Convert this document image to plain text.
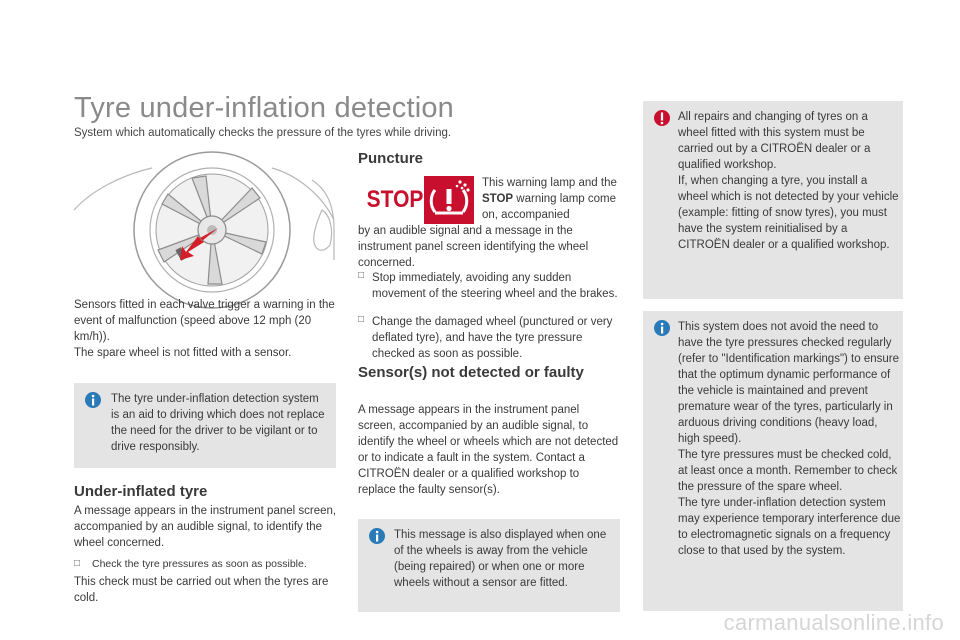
Tyre under-inflation detection
System which automatically checks the pressure of the tyres while driving.
Sensors fitted in each valve trigger a warning in the event of malfunction (speed above 12 mph (20 km/h)).
The spare wheel is not fitted with a sensor.
The tyre under-inflation detection system is an aid to driving which does not replace the need for the driver to be vigilant or to drive responsibly.
Under-inflated tyre
A message appears in the instrument panel screen, accompanied by an audible signal, to identify the wheel concerned.
□	Check the tyre pressures as soon as possible.
This check must be carried out when the tyres are cold.
Puncture
STOP
This warning lamp and the STOP warning lamp come on, accompanied
by an audible signal and a message in the instrument panel screen identifying the wheel concerned.
□ Stop immediately, avoiding any sudden movement of the steering wheel and the brakes.
□ Change the damaged wheel (punctured or very deflated tyre), and have the tyre pressure checked as soon as possible.
Sensor(s) not detected or faulty
A message appears in the instrument panel screen, accompanied by an audible signal, to identify the wheel or wheels which are not detected or to indicate a fault in the system. Contact a CITROËN dealer or a qualified workshop to replace the faulty sensor(s).
This message is also displayed when one of the wheels is away from the vehicle (being repaired) or when one or more wheels without a sensor are fitted.
All repairs and changing of tyres on a wheel fitted with this system must be carried out by a CITROËN dealer or a qualified workshop.
If, when changing a tyre, you install a wheel which is not detected by your vehicle (example: fitting of snow tyres), you must have the system reinitialised by a CITROËN dealer or a qualified workshop.
This system does not avoid the need to have the tyre pressures checked regularly (refer to "Identification markings") to ensure that the optimum dynamic performance of the vehicle is maintained and prevent premature wear of the tyres, particularly in arduous driving conditions (heavy load, high speed).
The tyre pressures must be checked cold, at least once a month. Remember to check the pressure of the spare wheel.
The tyre under-inflation detection system may experience temporary interference due to electromagnetic signals on a frequency close to that used by the system.
carmanualsonline.info
